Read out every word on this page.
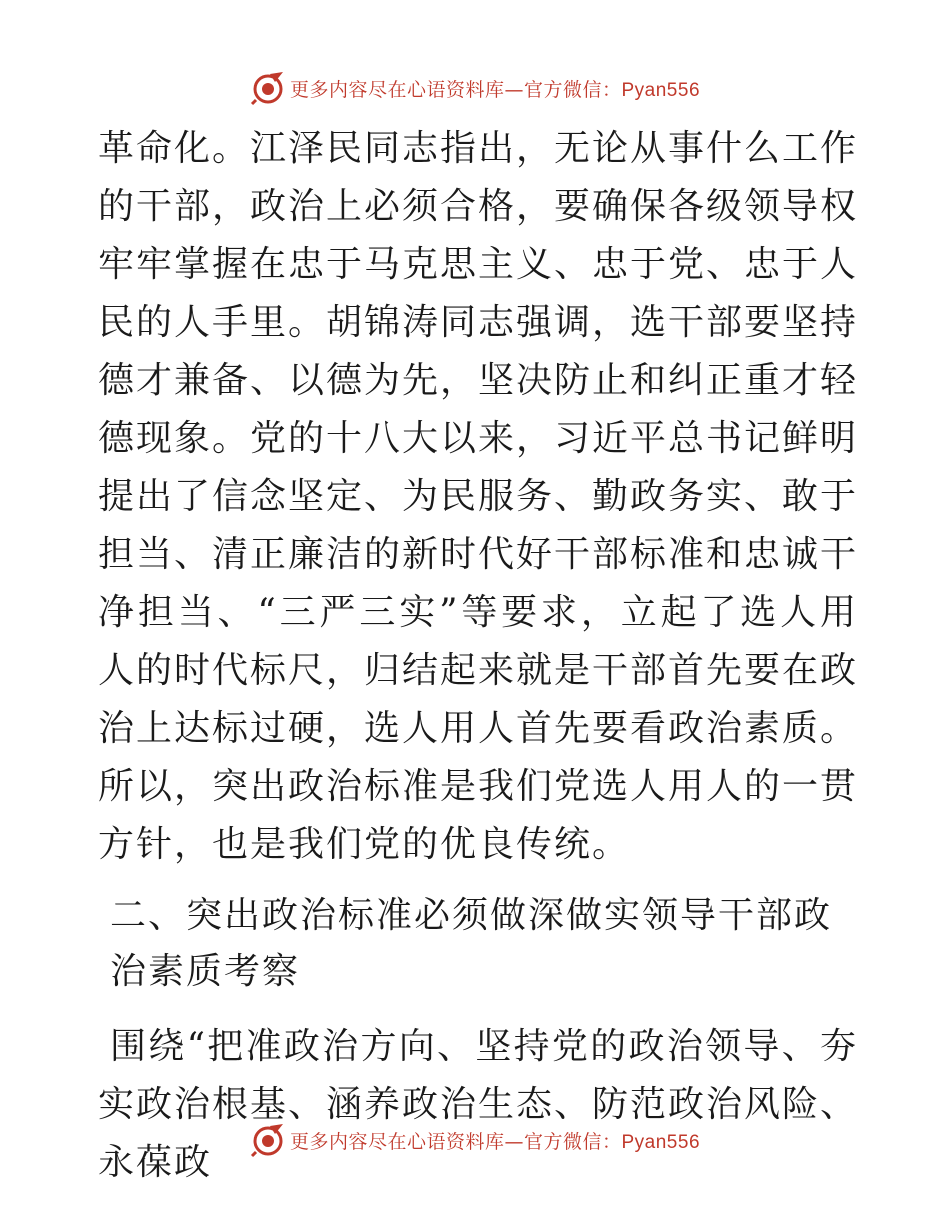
更多内容尽在心语资料库—官方微信：Pyan556

革命化。江泽民同志指出，无论从事什么工作的干部，政治上必须合格，要确保各级领导权牢牢掌握在忠于马克思主义、忠于党、忠于人民的人手里。胡锦涛同志强调，选干部要坚持德才兼备、以德为先，坚决防止和纠正重才轻德现象。党的十八大以来，习近平总书记鲜明提出了信念坚定、为民服务、勤政务实、敢于担当、清正廉洁的新时代好干部标准和忠诚干净担当、“三严三实”等要求，立起了选人用人的时代标尺，归结起来就是干部首先要在政治上达标过硬，选人用人首先要看政治素质。所以，突出政治标准是我们党选人用人的一贯方针，也是我们党的优良传统。

二、突出政治标准必须做深做实领导干部政治素质考察

围绕“把准政治方向、坚持党的政治领导、夯实政治根基、涵养政治生态、防范政治风险、永葆政

更多内容尽在心语资料库—官方微信：Pyan556
